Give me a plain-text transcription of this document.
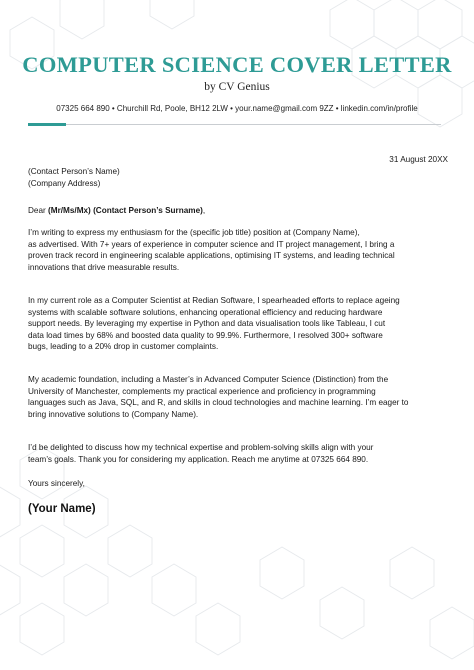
COMPUTER SCIENCE COVER LETTER
by CV Genius
07325 664 890 • Churchill Rd, Poole, BH12 2LW • your.name@gmail.com 9ZZ • linkedin.com/in/profile
31 August 20XX
(Contact Person’s Name)
(Company Address)
Dear (Mr/Ms/Mx) (Contact Person’s Surname),
I’m writing to express my enthusiasm for the (specific job title) position at (Company Name),
as advertised. With 7+ years of experience in computer science and IT project management, I bring a
proven track record in engineering scalable applications, optimising IT systems, and leading technical
innovations that drive measurable results.
In my current role as a Computer Scientist at Redian Software, I spearheaded efforts to replace ageing
systems with scalable software solutions, enhancing operational efficiency and reducing hardware
support needs. By leveraging my expertise in Python and data visualisation tools like Tableau, I cut
data load times by 68% and boosted data quality to 99.9%. Furthermore, I resolved 300+ software
bugs, leading to a 20% drop in customer complaints.
My academic foundation, including a Master’s in Advanced Computer Science (Distinction) from the
University of Manchester, complements my practical experience and proficiency in programming
languages such as Java, SQL, and R, and skills in cloud technologies and machine learning. I’m eager to
bring innovative solutions to (Company Name).
I’d be delighted to discuss how my technical expertise and problem-solving skills align with your
team’s goals. Thank you for considering my application. Reach me anytime at 07325 664 890.
Yours sincerely,
(Your Name)
